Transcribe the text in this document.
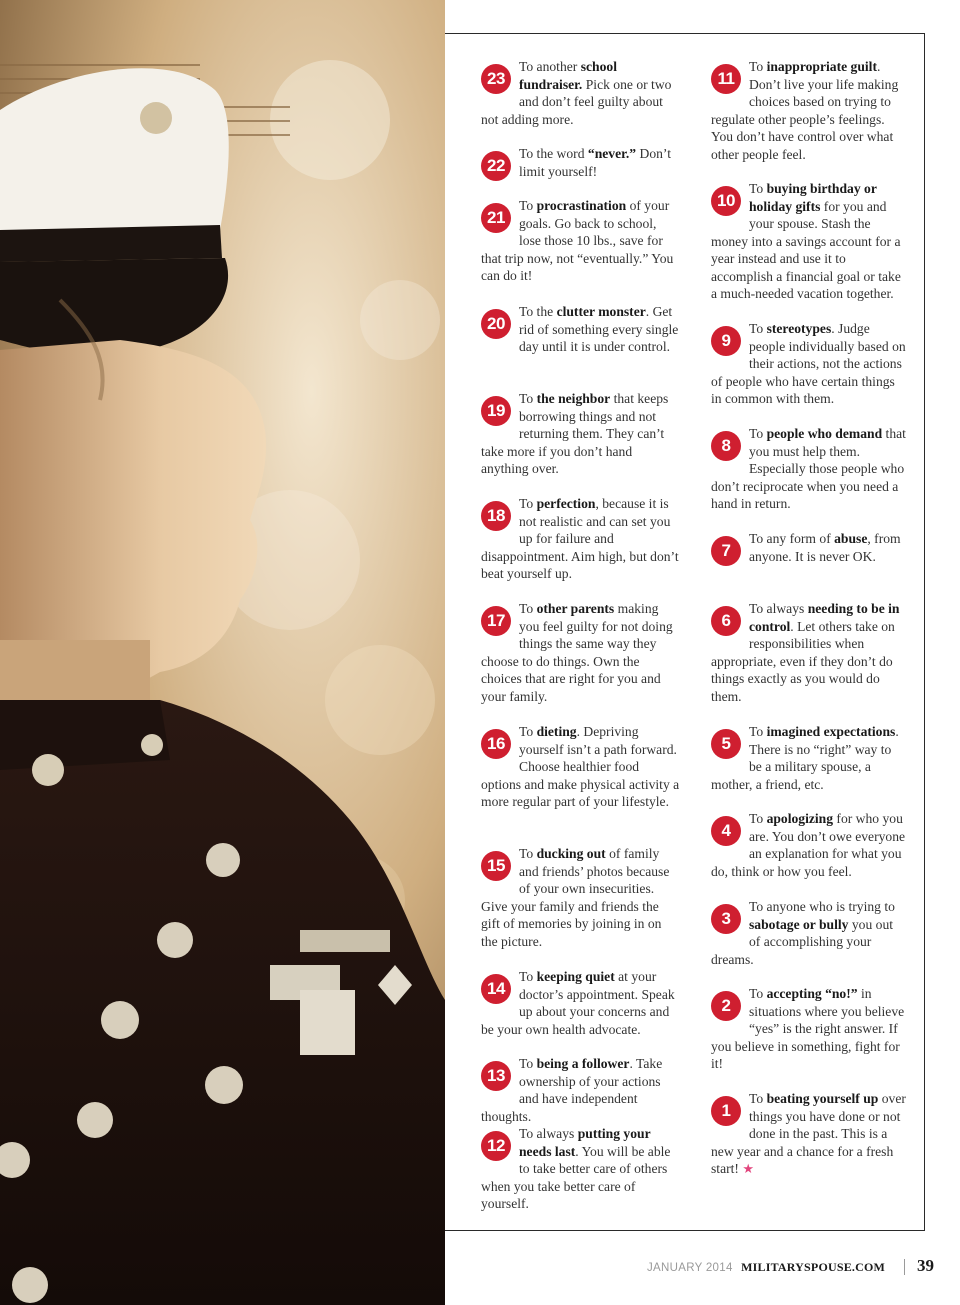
23
To another school fundraiser. Pick one or two and don’t feel guilty about not adding more.
22
To the word “never.” Don’t limit yourself!
21
To procrastination of your goals. Go back to school, lose those 10 lbs., save for that trip now, not “eventually.” You can do it!
20
To the clutter monster. Get rid of something every single day until it is under control.
19
To the neighbor that keeps borrowing things and not returning them. They can’t take more if you don’t hand anything over.
18
To perfection, because it is not realistic and can set you up for failure and disappointment. Aim high, but don’t beat yourself up.
17
To other parents making you feel guilty for not doing things the same way they choose to do things. Own the choices that are right for you and your family.
16
To dieting. Depriving yourself isn’t a path forward. Choose healthier food options and make physical activity a more regular part of your lifestyle.
15
To ducking out of family and friends’ photos because of your own insecurities. Give your family and friends the gift of memories by joining in on the picture.
14
To keeping quiet at your doctor’s appointment. Speak up about your concerns and be your own health advocate.
13
To being a follower. Take ownership of your actions and have independent thoughts.
12
To always putting your needs last. You will be able to take better care of others when you take better care of yourself.
11
To inappropriate guilt. Don’t live your life making choices based on trying to regulate other people’s feelings. You don’t have control over what other people feel.
10
To buying birthday or holiday gifts for you and your spouse. Stash the money into a savings account for a year instead and use it to accomplish a financial goal or take a much-needed vacation together.
9
To stereotypes. Judge people individually based on their actions, not the actions of people who have certain things in common with them.
8
To people who demand that you must help them. Especially those people who don’t reciprocate when you need a hand in return.
7
To any form of abuse, from anyone. It is never OK.
6
To always needing to be in control. Let others take on responsibilities when appropriate, even if they don’t do things exactly as you would do them.
5
To imagined expectations. There is no “right” way to be a military spouse, a mother, a friend, etc.
4
To apologizing for who you are. You don’t owe everyone an explanation for what you do, think or how you feel.
3
To anyone who is trying to sabotage or bully you out of accomplishing your dreams.
2
To accepting “no!” in situations where you believe “yes” is the right answer. If you believe in something, fight for it!
1
To beating yourself up over things you have done or not done in the past. This is a new year and a chance for a fresh start! ★
JANUARY 2014 MILITARYSPOUSE.COM 39
